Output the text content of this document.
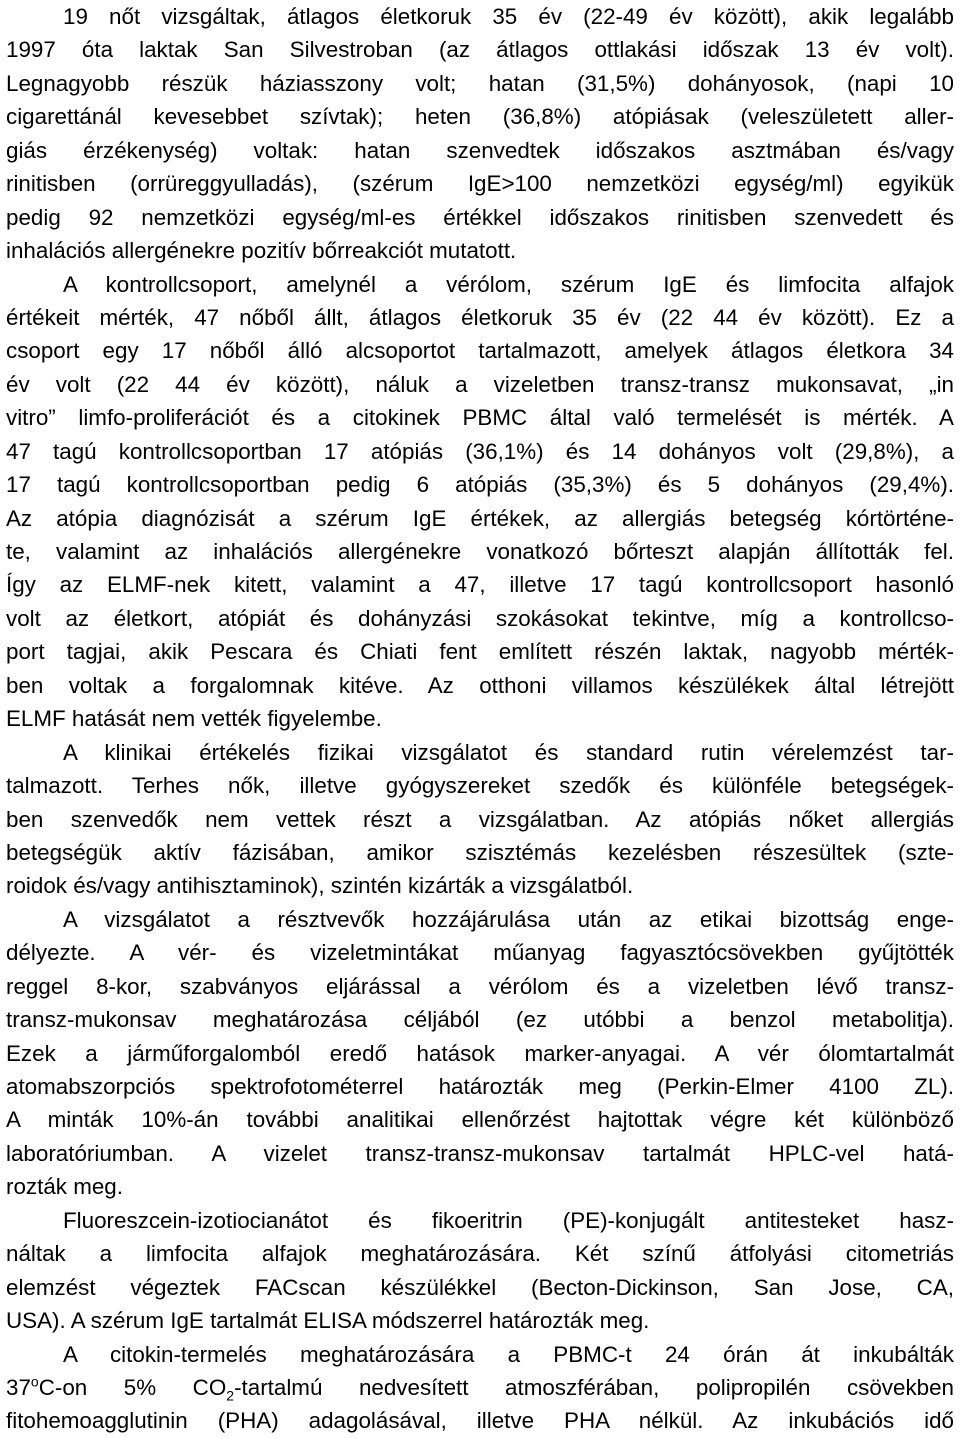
19 nőt vizsgáltak, átlagos életkoruk 35 év (22-49 év között), akik legalább
1997 óta laktak San Silvestroban (az átlagos ottlakási időszak 13 év volt).
Legnagyobb részük háziasszony volt; hatan (31,5%) dohányosok, (napi 10
cigarettánál kevesebbet szívtak); heten (36,8%) atópiásak (veleszületett aller-
giás érzékenység) voltak: hatan szenvedtek időszakos asztmában és/vagy
rinitisben (orrüreggyulladás), (szérum IgE>100 nemzetközi egység/ml) egyikük
pedig 92 nemzetközi egység/ml-es értékkel időszakos rinitisben szenvedett és
inhalációs allergénekre pozitív bőrreakciót mutatott.
A kontrollcsoport, amelynél a vérólom, szérum IgE és limfocita alfajok
értékeit mérték, 47 nőből állt, átlagos életkoruk 35 év (22 44 év között). Ez a
csoport egy 17 nőből álló alcsoportot tartalmazott, amelyek átlagos életkora 34
év volt (22 44 év között), náluk a vizeletben transz-transz mukonsavat, „in
vitro” limfo-proliferációt és a citokinek PBMC által való termelését is mérték. A
47 tagú kontrollcsoportban 17 atópiás (36,1%) és 14 dohányos volt (29,8%), a
17 tagú kontrollcsoportban pedig 6 atópiás (35,3%) és 5 dohányos (29,4%).
Az atópia diagnózisát a szérum IgE értékek, az allergiás betegség kórtörténe-
te, valamint az inhalációs allergénekre vonatkozó bőrteszt alapján állították fel.
Így az ELMF-nek kitett, valamint a 47, illetve 17 tagú kontrollcsoport hasonló
volt az életkort, atópiát és dohányzási szokásokat tekintve, míg a kontrollcso-
port tagjai, akik Pescara és Chiati fent említett részén laktak, nagyobb mérték-
ben voltak a forgalomnak kitéve. Az otthoni villamos készülékek által létrejött
ELMF hatását nem vették figyelembe.
A klinikai értékelés fizikai vizsgálatot és standard rutin vérelemzést tar-
talmazott. Terhes nők, illetve gyógyszereket szedők és különféle betegségek-
ben szenvedők nem vettek részt a vizsgálatban. Az atópiás nőket allergiás
betegségük aktív fázisában, amikor szisztémás kezelésben részesültek (szte-
roidok és/vagy antihisztaminok), szintén kizárták a vizsgálatból.
A vizsgálatot a résztvevők hozzájárulása után az etikai bizottság enge-
délyezte. A vér- és vizeletmintákat műanyag fagyasztócsövekben gyűjtötték
reggel 8-kor, szabványos eljárással a vérólom és a vizeletben lévő transz-
transz-mukonsav meghatározása céljából (ez utóbbi a benzol metabolitja).
Ezek a járműforgalomból eredő hatások marker-anyagai. A vér ólomtartalmát
atomabszorpciós spektrofotométerrel határozták meg (Perkin-Elmer 4100 ZL).
A minták 10%-án további analitikai ellenőrzést hajtottak végre két különböző
laboratóriumban. A vizelet transz-transz-mukonsav tartalmát HPLC-vel hatá-
rozták meg.
Fluoreszcein-izotiocianátot és fikoeritrin (PE)-konjugált antitesteket hasz-
náltak a limfocita alfajok meghatározására. Két színű átfolyási citometriás
elemzést végeztek FACscan készülékkel (Becton-Dickinson, San Jose, CA,
USA). A szérum IgE tartalmát ELISA módszerrel határozták meg.
A citokin-termelés meghatározására a PBMC-t 24 órán át inkubálták
37$^o$C-on 5% $CO_2$-tartalmú nedvesített atmoszférában, polipropilén csövekben
fitohemoagglutinin (PHA) adagolásával, illetve PHA nélkül. Az inkubációs idő
